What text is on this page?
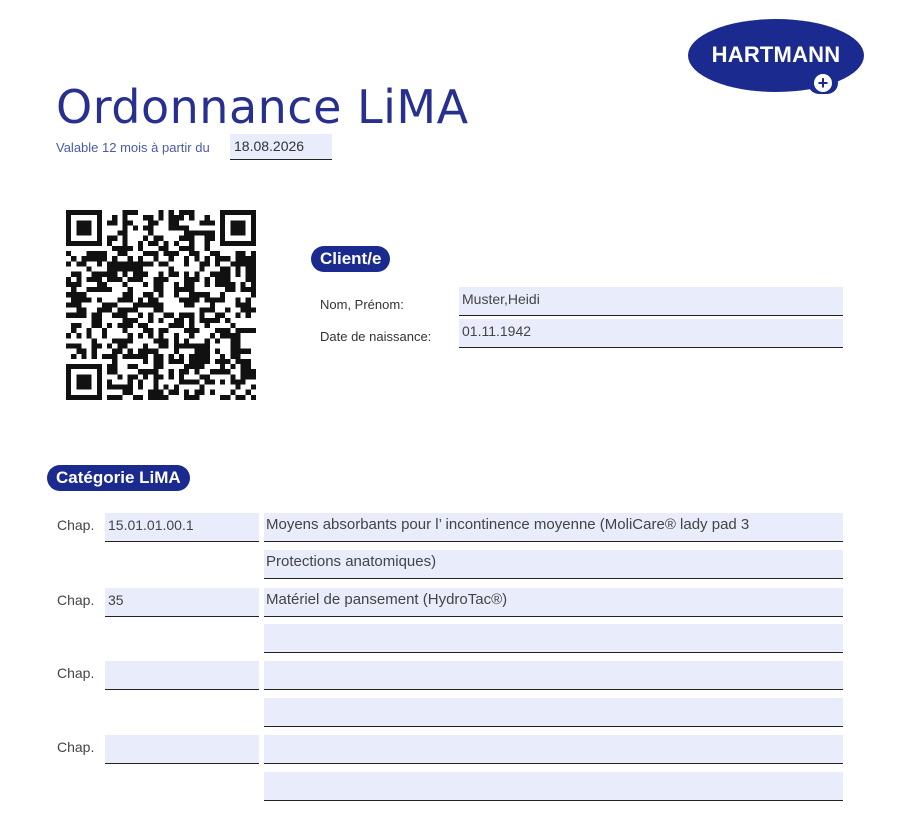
HARTMANN
+
Ordonnance LiMA
Valable 12 mois à partir du 18.08.2026
Client/e
Nom, Prénom:	Muster,Heidi
Date de naissance: 01.11.1942
Catégorie LiMA
Chap. 15.01.01.00.1	Moyens absorbants pour l’ incontinence moyenne (MoliCare® lady pad 3
Protections anatomiques)
Chap. 35	Matériel de pansement (HydroTac®)
Chap.
Chap.
